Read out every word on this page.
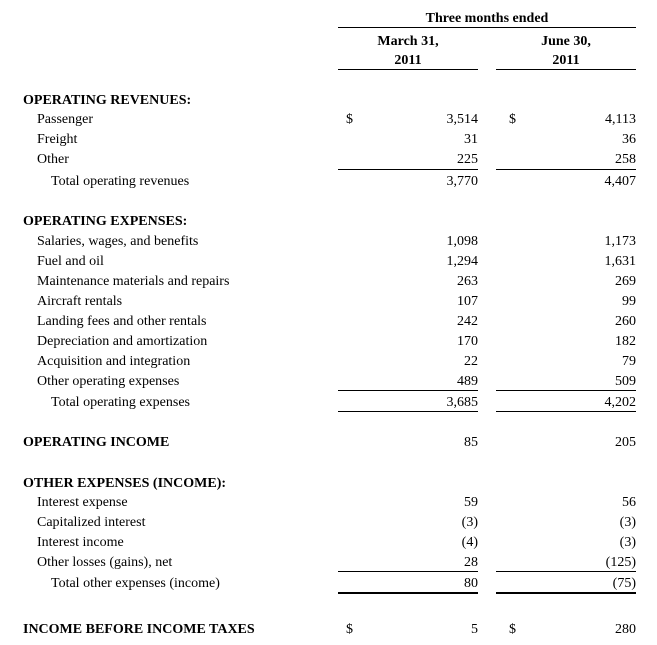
Three months ended
March 31,
2011
June 30,
2011
OPERATING REVENUES:
Passenger	$	3,514 $	4,113
Freight	31	36
Other	225	258
Total operating revenues	3,770	4,407
OPERATING EXPENSES:
Salaries, wages, and benefits	1,098	1,173
Fuel and oil	1,294	1,631
Maintenance materials and repairs	263	269
Aircraft rentals	107	99
Landing fees and other rentals	242	260
Depreciation and amortization	170	182
Acquisition and integration	22	79
Other operating expenses	489	509
Total operating expenses	3,685	4,202
OPERATING INCOME	85	205
OTHER EXPENSES (INCOME):
Interest expense	59	56
Capitalized interest	(3)	(3)
Interest income	(4)	(3)
Other losses (gains), net	28	(125)
Total other expenses (income)	80	(75)
INCOME BEFORE INCOME TAXES	$	5 $	280
